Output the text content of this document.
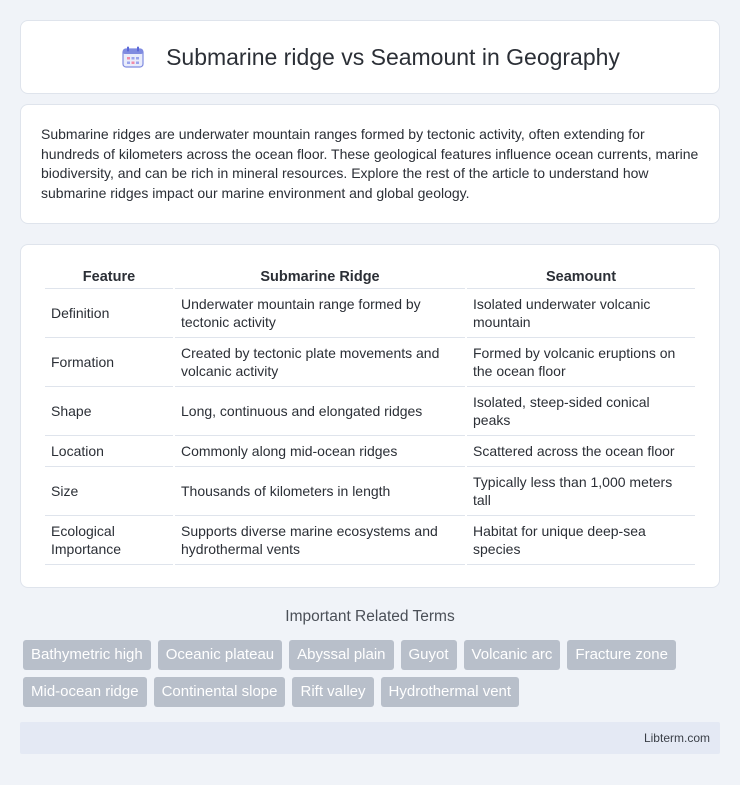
Submarine ridge vs Seamount in Geography

Submarine ridges are underwater mountain ranges formed by tectonic activity, often extending for hundreds of kilometers across the ocean floor. These geological features influence ocean currents, marine biodiversity, and can be rich in mineral resources. Explore the rest of the article to understand how submarine ridges impact our marine environment and global geology.

Feature	Submarine Ridge	Seamount
Definition	Underwater mountain range formed by tectonic activity	Isolated underwater volcanic mountain
Formation	Created by tectonic plate movements and volcanic activity	Formed by volcanic eruptions on the ocean floor
Shape	Long, continuous and elongated ridges	Isolated, steep-sided conical peaks
Location	Commonly along mid-ocean ridges	Scattered across the ocean floor
Size	Thousands of kilometers in length	Typically less than 1,000 meters tall
Ecological Importance	Supports diverse marine ecosystems and hydrothermal vents	Habitat for unique deep-sea species
Important Related Terms
Bathymetric high	Oceanic plateau	Abyssal plain	Guyot	Volcanic arc	Fracture zone
Mid-ocean ridge	Continental slope	Rift valley	Hydrothermal vent
Libterm.com
